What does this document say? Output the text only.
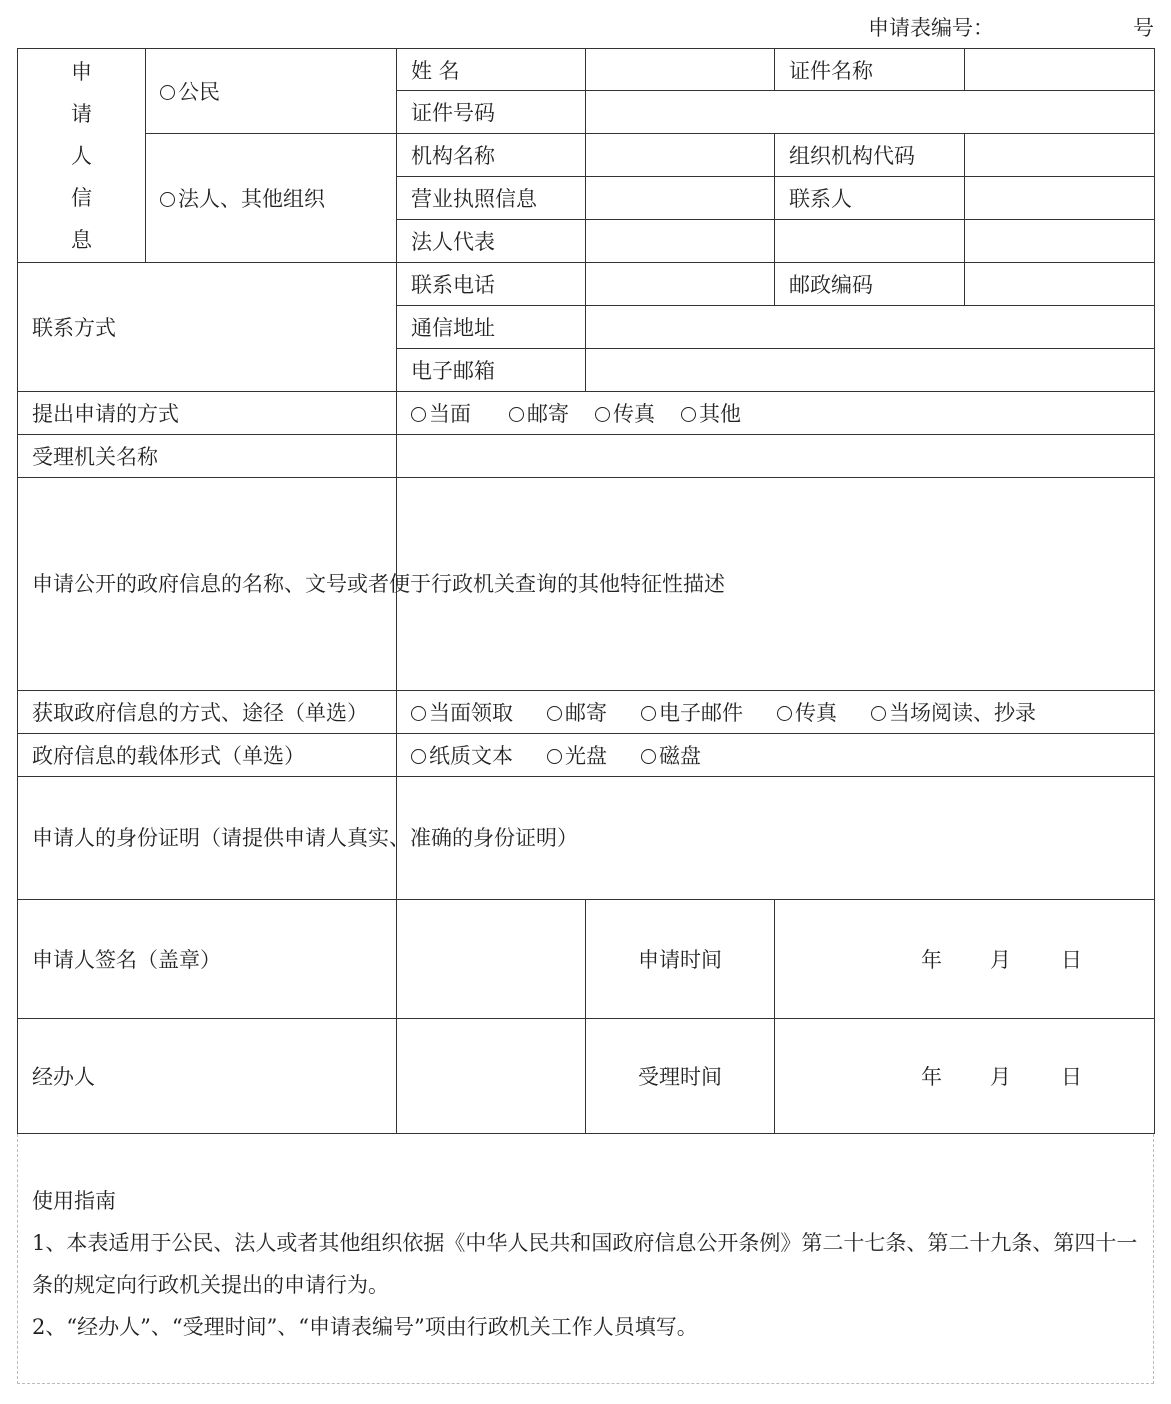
申请表编号：	号
申
请
人
信
息	公民	姓 名		证件名称	
		证件号码			
	法人、其他组织	机构名称		组织机构代码	
		营业执照信息		联系人	
		法人代表			
联系方式		联系电话		邮政编码	
		通信地址			
		电子邮箱			
提出申请的方式		当面 邮寄 传真 其他			
受理机关名称					
申请公开的政府信息的名称、文号或者便于行政机关查询的其他特征性描述					
获取政府信息的方式、途径（单选）		当面领取 邮寄 电子邮件 传真 当场阅读、抄录			
政府信息的载体形式（单选）		纸质文本 光盘 磁盘			
申请人的身份证明（请提供申请人真实、准确的身份证明）					
申请人签名（盖章）			申请时间	年 月 日	
经办人			受理时间	年 月 日	

使用指南

1、本表适用于公民、法人或者其他组织依据《中华人民共和国政府信息公开条例》第二十七条、第二十九条、第四十一条的规定向行政机关提出的申请行为。

2、“经办人”、“受理时间”、“申请表编号”项由行政机关工作人员填写。
